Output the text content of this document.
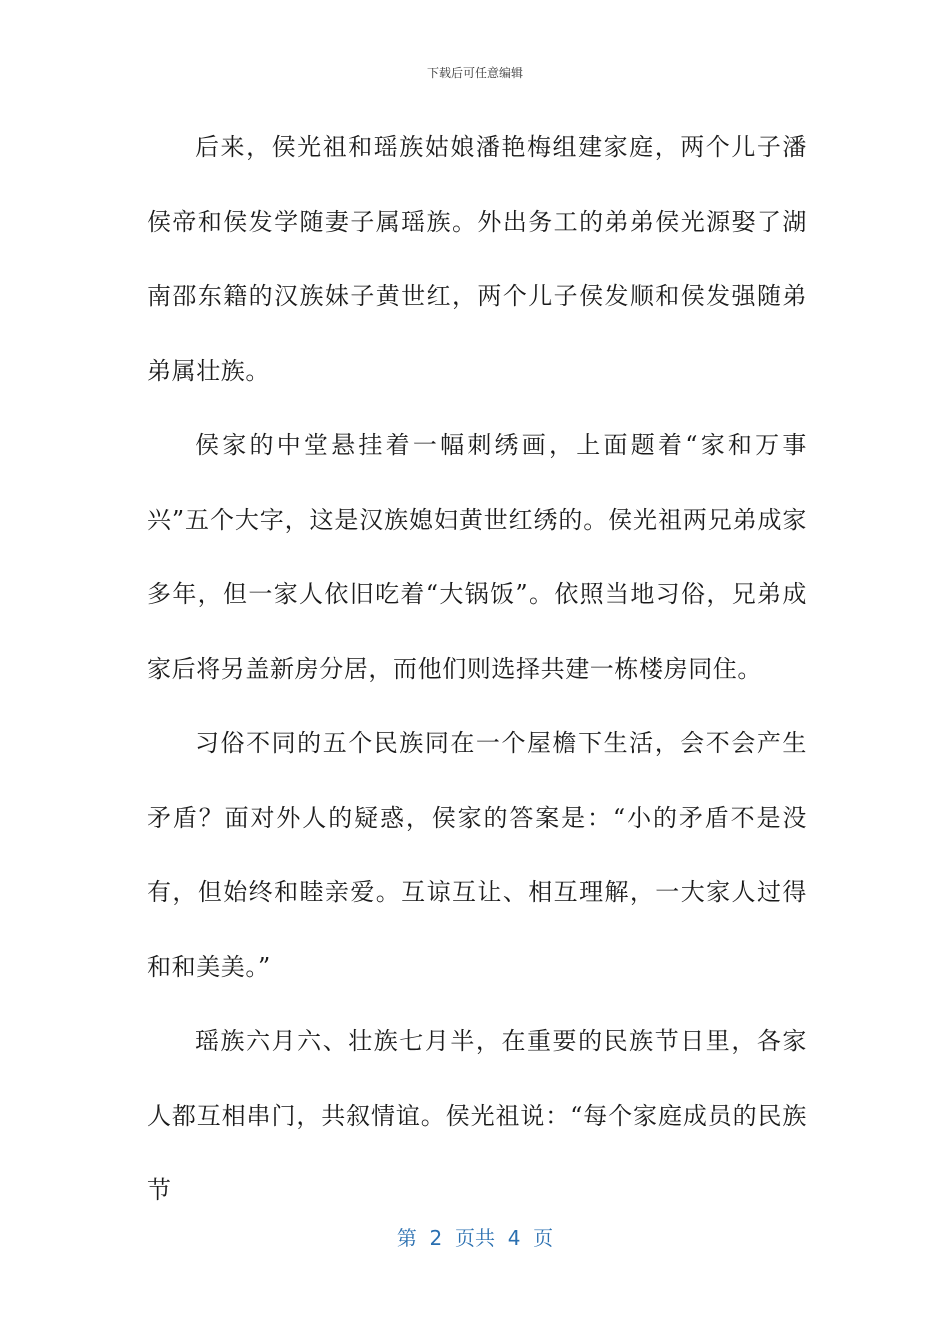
下载后可任意编辑

后来，侯光祖和瑶族姑娘潘艳梅组建家庭，两个儿子潘侯帝和侯发学随妻子属瑶族。外出务工的弟弟侯光源娶了湖南邵东籍的汉族妹子黄世红，两个儿子侯发顺和侯发强随弟弟属壮族。

侯家的中堂悬挂着一幅刺绣画，上面题着“家和万事兴”五个大字，这是汉族媳妇黄世红绣的。侯光祖两兄弟成家多年，但一家人依旧吃着“大锅饭”。依照当地习俗，兄弟成家后将另盖新房分居，而他们则选择共建一栋楼房同住。

习俗不同的五个民族同在一个屋檐下生活，会不会产生矛盾？面对外人的疑惑，侯家的答案是：“小的矛盾不是没有，但始终和睦亲爱。互谅互让、相互理解，一大家人过得和和美美。”

瑶族六月六、壮族七月半，在重要的民族节日里，各家人都互相串门，共叙情谊。侯光祖说：“每个家庭成员的民族节

第  2  页共  4  页
